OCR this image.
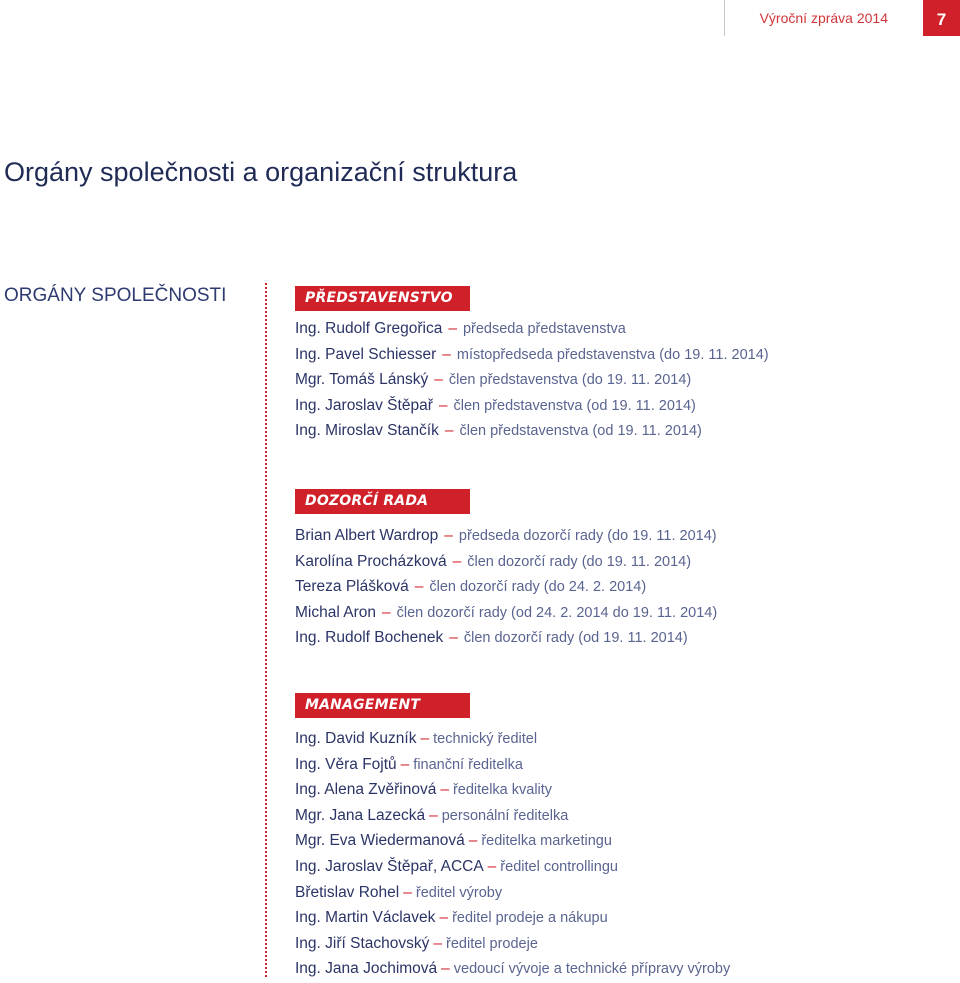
Výroční zpráva 2014	7
Orgány společnosti a organizační struktura
ORGÁNY SPOLEČNOSTI	PŘEDSTAVENSTVO
Ing. Rudolf Gregořica – předseda představenstva
Ing. Pavel Schiesser – místopředseda představenstva (do 19. 11. 2014)
Mgr. Tomáš Lánský – člen představenstva (do 19. 11. 2014)
Ing. Jaroslav Štěpař – člen představenstva (od 19. 11. 2014)
Ing. Miroslav Stančík – člen představenstva (od 19. 11. 2014)
DOZORČÍ RADA
Brian Albert Wardrop – předseda dozorčí rady (do 19. 11. 2014)
Karolína Procházková – člen dozorčí rady (do 19. 11. 2014)
Tereza Plášková – člen dozorčí rady (do 24. 2. 2014)
Michal Aron – člen dozorčí rady (od 24. 2. 2014 do 19. 11. 2014)
Ing. Rudolf Bochenek – člen dozorčí rady (od 19. 11. 2014)
MANAGEMENT
Ing. David Kuzník – technický ředitel
Ing. Věra Fojtů – finanční ředitelka
Ing. Alena Zvěřinová – ředitelka kvality
Mgr. Jana Lazecká – personální ředitelka
Mgr. Eva Wiedermanová – ředitelka marketingu
Ing. Jaroslav Štěpař, ACCA – ředitel controllingu
Břetislav Rohel – ředitel výroby
Ing. Martin Václavek – ředitel prodeje a nákupu
Ing. Jiří Stachovský – ředitel prodeje
Ing. Jana Jochimová – vedoucí vývoje a technické přípravy výroby
